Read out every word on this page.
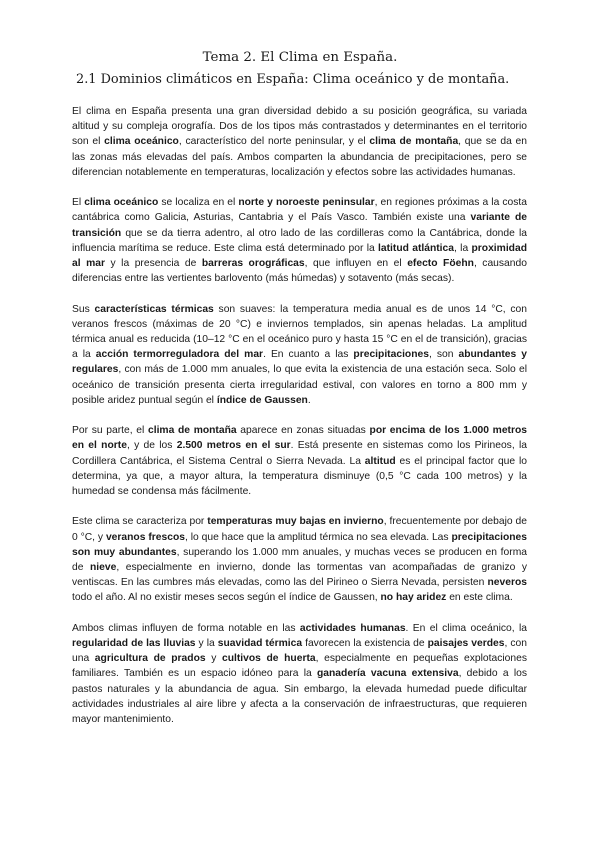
Tema 2. El Clima en España.
2.1 Dominios climáticos en España: Clima oceánico y de montaña.

El clima en España presenta una gran diversidad debido a su posición geográfica, su variada altitud y su compleja orografía. Dos de los tipos más contrastados y determinantes en el territorio son el clima oceánico, característico del norte peninsular, y el clima de montaña, que se da en las zonas más elevadas del país. Ambos comparten la abundancia de precipitaciones, pero se diferencian notablemente en temperaturas, localización y efectos sobre las actividades humanas.

El clima oceánico se localiza en el norte y noroeste peninsular, en regiones próximas a la costa cantábrica como Galicia, Asturias, Cantabria y el País Vasco. También existe una variante de transición que se da tierra adentro, al otro lado de las cordilleras como la Cantábrica, donde la influencia marítima se reduce. Este clima está determinado por la latitud atlántica, la proximidad al mar y la presencia de barreras orográficas, que influyen en el efecto Föehn, causando diferencias entre las vertientes barlovento (más húmedas) y sotavento (más secas).

Sus características térmicas son suaves: la temperatura media anual es de unos 14 °C, con veranos frescos (máximas de 20 °C) e inviernos templados, sin apenas heladas. La amplitud térmica anual es reducida (10–12 °C en el oceánico puro y hasta 15 °C en el de transición), gracias a la acción termorreguladora del mar. En cuanto a las precipitaciones, son abundantes y regulares, con más de 1.000 mm anuales, lo que evita la existencia de una estación seca. Solo el oceánico de transición presenta cierta irregularidad estival, con valores en torno a 800 mm y posible aridez puntual según el índice de Gaussen.

Por su parte, el clima de montaña aparece en zonas situadas por encima de los 1.000 metros en el norte, y de los 2.500 metros en el sur. Está presente en sistemas como los Pirineos, la Cordillera Cantábrica, el Sistema Central o Sierra Nevada. La altitud es el principal factor que lo determina, ya que, a mayor altura, la temperatura disminuye (0,5 °C cada 100 metros) y la humedad se condensa más fácilmente.

Este clima se caracteriza por temperaturas muy bajas en invierno, frecuentemente por debajo de 0 °C, y veranos frescos, lo que hace que la amplitud térmica no sea elevada. Las precipitaciones son muy abundantes, superando los 1.000 mm anuales, y muchas veces se producen en forma de nieve, especialmente en invierno, donde las tormentas van acompañadas de granizo y ventiscas. En las cumbres más elevadas, como las del Pirineo o Sierra Nevada, persisten neveros todo el año. Al no existir meses secos según el índice de Gaussen, no hay aridez en este clima.

Ambos climas influyen de forma notable en las actividades humanas. En el clima oceánico, la regularidad de las lluvias y la suavidad térmica favorecen la existencia de paisajes verdes, con una agricultura de prados y cultivos de huerta, especialmente en pequeñas explotaciones familiares. También es un espacio idóneo para la ganadería vacuna extensiva, debido a los pastos naturales y la abundancia de agua. Sin embargo, la elevada humedad puede dificultar actividades industriales al aire libre y afecta a la conservación de infraestructuras, que requieren mayor mantenimiento.
